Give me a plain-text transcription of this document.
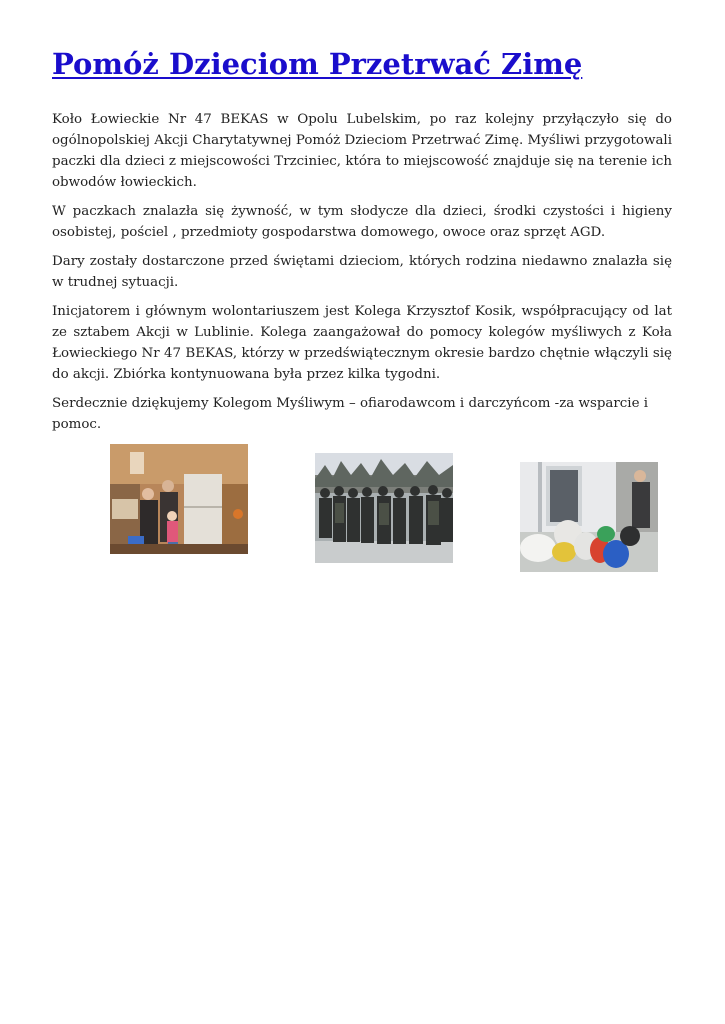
Pomóż Dzieciom Przetrwać Zimę

Koło Łowieckie Nr 47 BEKAS w Opolu Lubelskim, po raz kolejny przyłączyło się do ogólnopolskiej Akcji Charytatywnej Pomóż Dzieciom Przetrwać Zimę. Myśliwi przygotowali paczki dla dzieci z miejscowości Trzciniec, która to miejscowość znajduje się na terenie ich obwodów łowieckich.

W paczkach znalazła się żywność, w tym słodycze dla dzieci, środki czystości i higieny osobistej, pościel , przedmioty gospodarstwa domowego, owoce oraz sprzęt AGD.

Dary zostały dostarczone przed świętami dzieciom, których rodzina niedawno znalazła się w trudnej sytuacji.

Inicjatorem i głównym wolontariuszem jest Kolega Krzysztof Kosik, współpracujący od lat ze sztabem Akcji w Lublinie. Kolega zaangażował do pomocy kolegów myśliwych z Koła Łowieckiego Nr 47 BEKAS, którzy w przedświątecznym okresie bardzo chętnie włączyli się do akcji. Zbiórka kontynuowana była przez kilka tygodni.

Serdecznie dziękujemy Kolegom Myśliwym – ofiarodawcom i darczyńcom -za wsparcie i pomoc.
